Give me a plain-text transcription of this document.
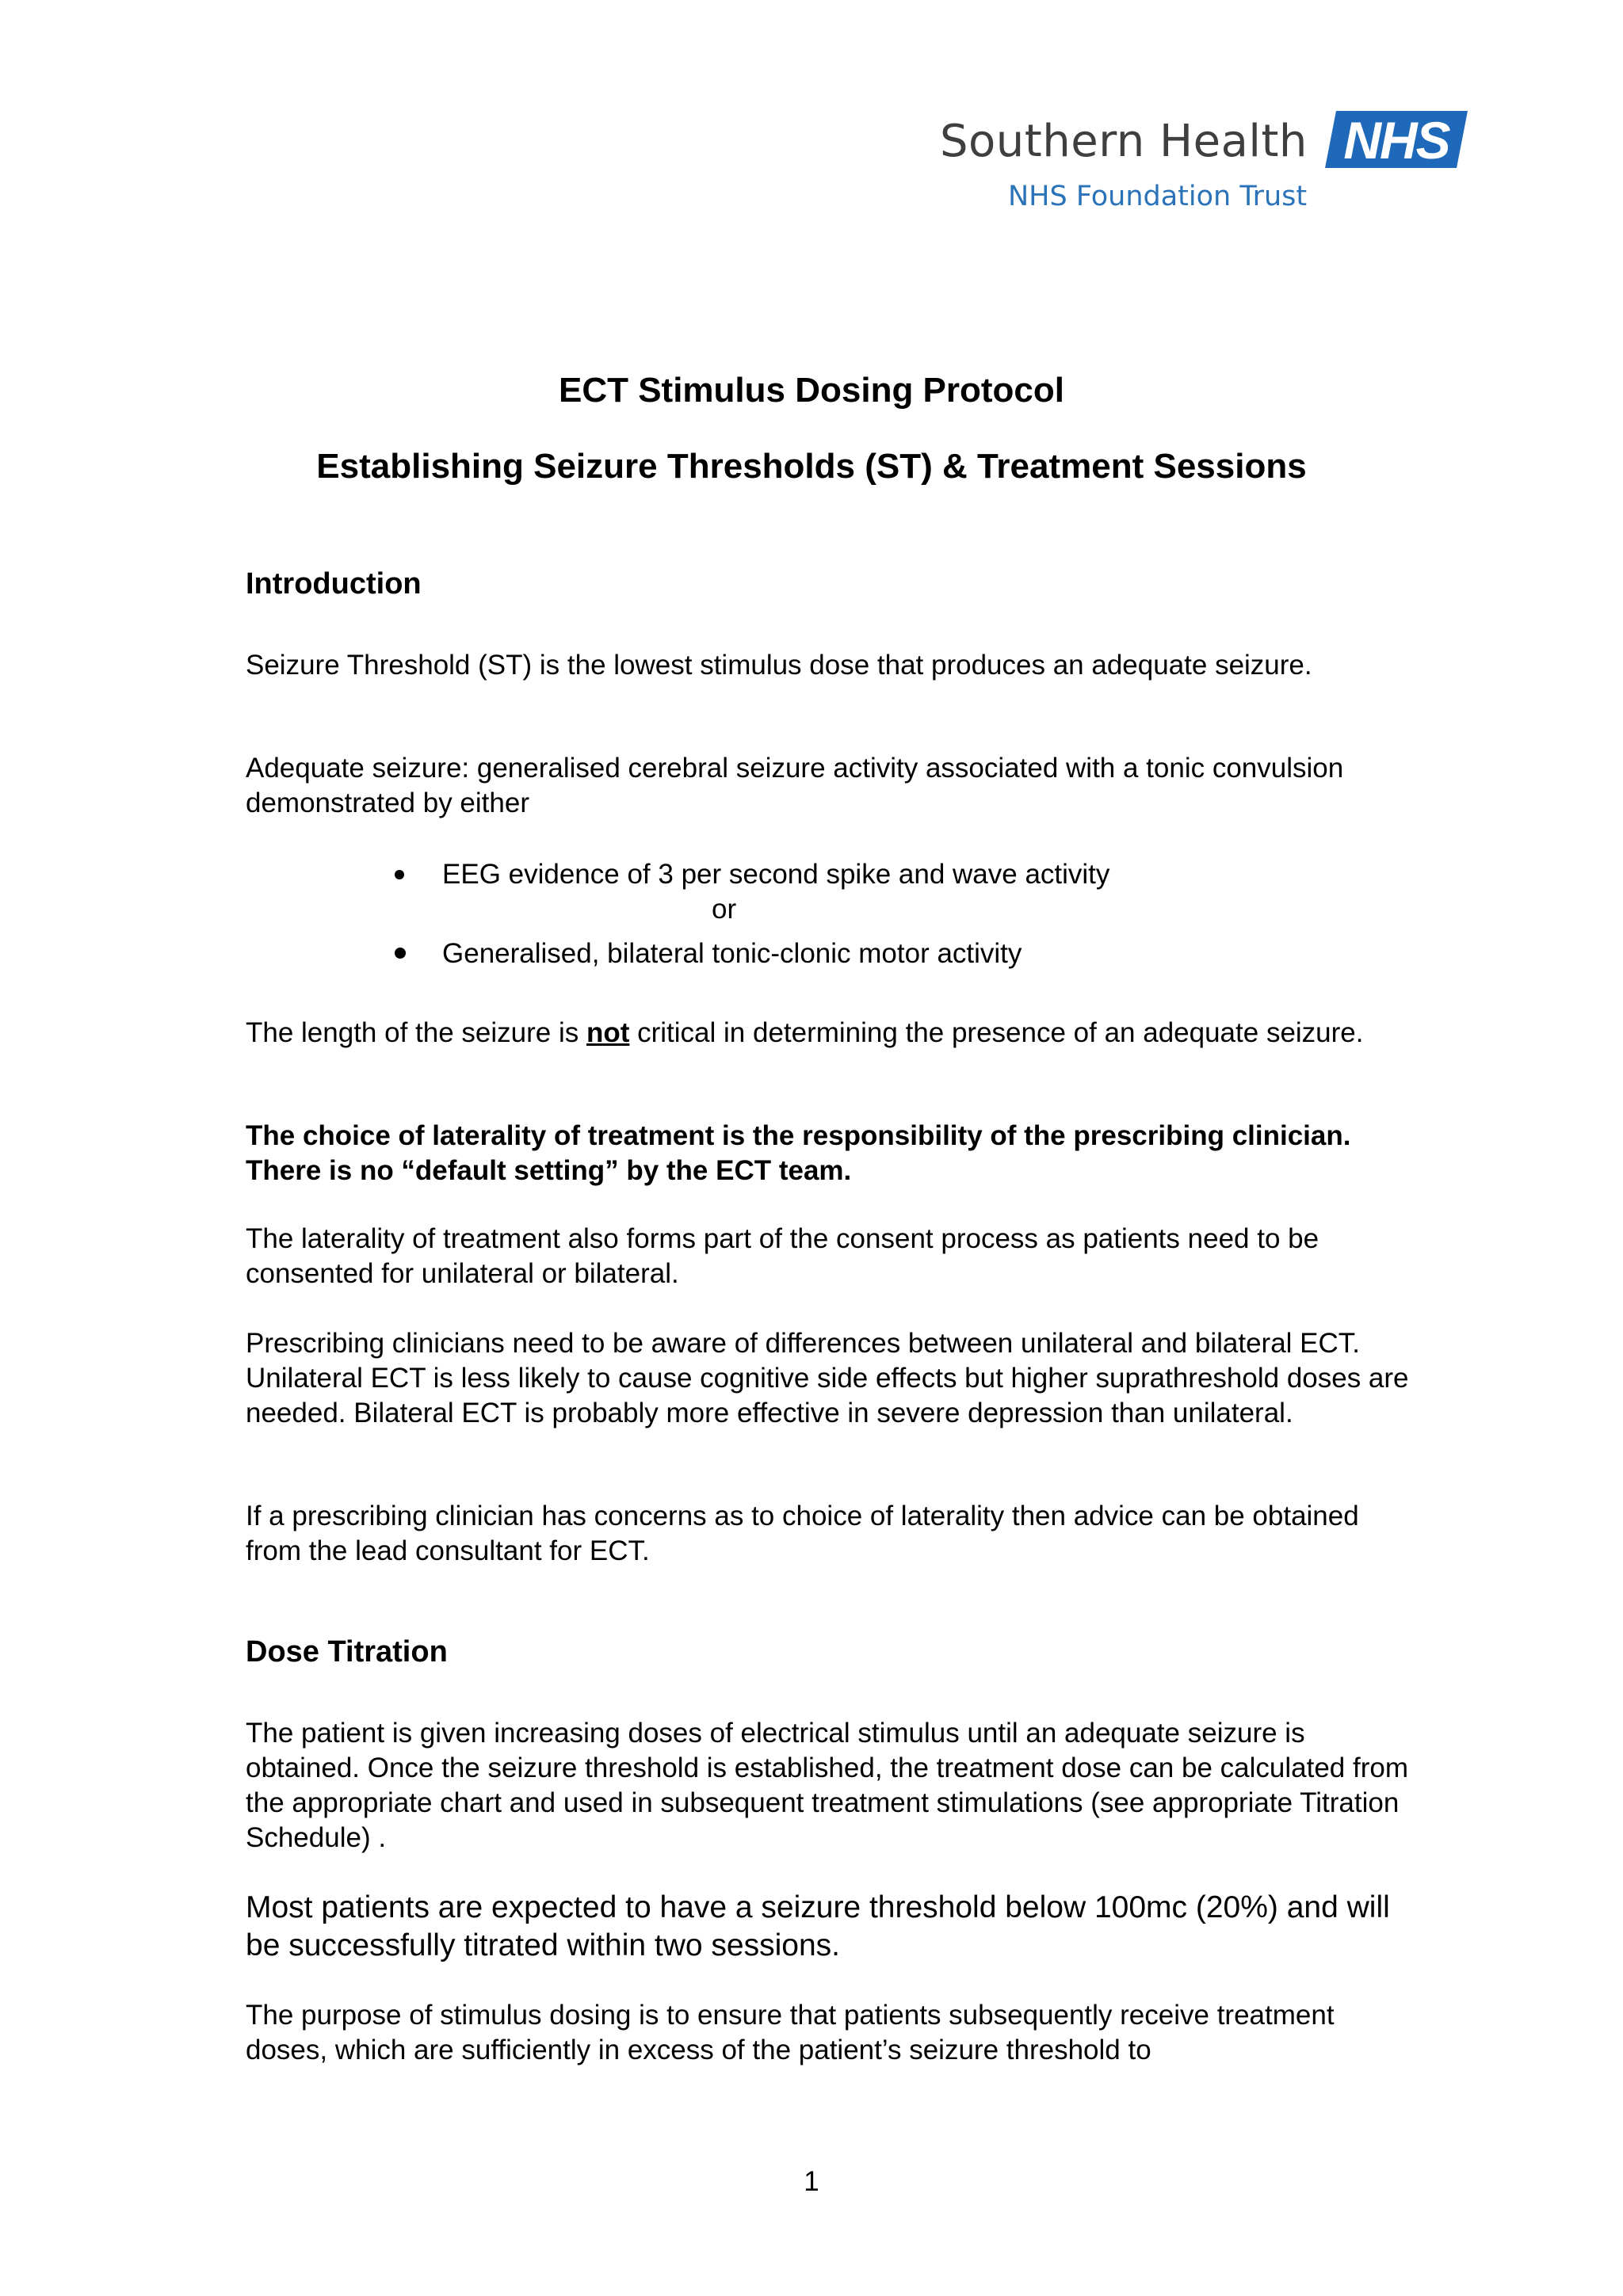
Southern Health NHS
NHS Foundation Trust
ECT Stimulus Dosing Protocol
Establishing Seizure Thresholds (ST) & Treatment Sessions
Introduction
Seizure Threshold (ST) is the lowest stimulus dose that produces an adequate seizure.
Adequate seizure: generalised cerebral seizure activity associated with a tonic convulsion demonstrated by either
EEG evidence of 3 per second spike and wave activity
or
Generalised, bilateral tonic-clonic motor activity
The length of the seizure is not critical in determining the presence of an adequate seizure.
The choice of laterality of treatment is the responsibility of the prescribing clinician. There is no “default setting” by the ECT team.
The laterality of treatment also forms part of the consent process as patients need to be consented for unilateral or bilateral.
Prescribing clinicians need to be aware of differences between unilateral and bilateral ECT. Unilateral ECT is less likely to cause cognitive side effects but higher suprathreshold doses are needed. Bilateral ECT is probably more effective in severe depression than unilateral.
If a prescribing clinician has concerns as to choice of laterality then advice can be obtained from the lead consultant for ECT.
Dose Titration
The patient is given increasing doses of electrical stimulus until an adequate seizure is obtained. Once the seizure threshold is established, the treatment dose can be calculated from the appropriate chart and used in subsequent treatment stimulations (see appropriate Titration Schedule) .
Most patients are expected to have a seizure threshold below 100mc (20%) and will be successfully titrated within two sessions.
The purpose of stimulus dosing is to ensure that patients subsequently receive treatment doses, which are sufficiently in excess of the patient’s seizure threshold to
1
